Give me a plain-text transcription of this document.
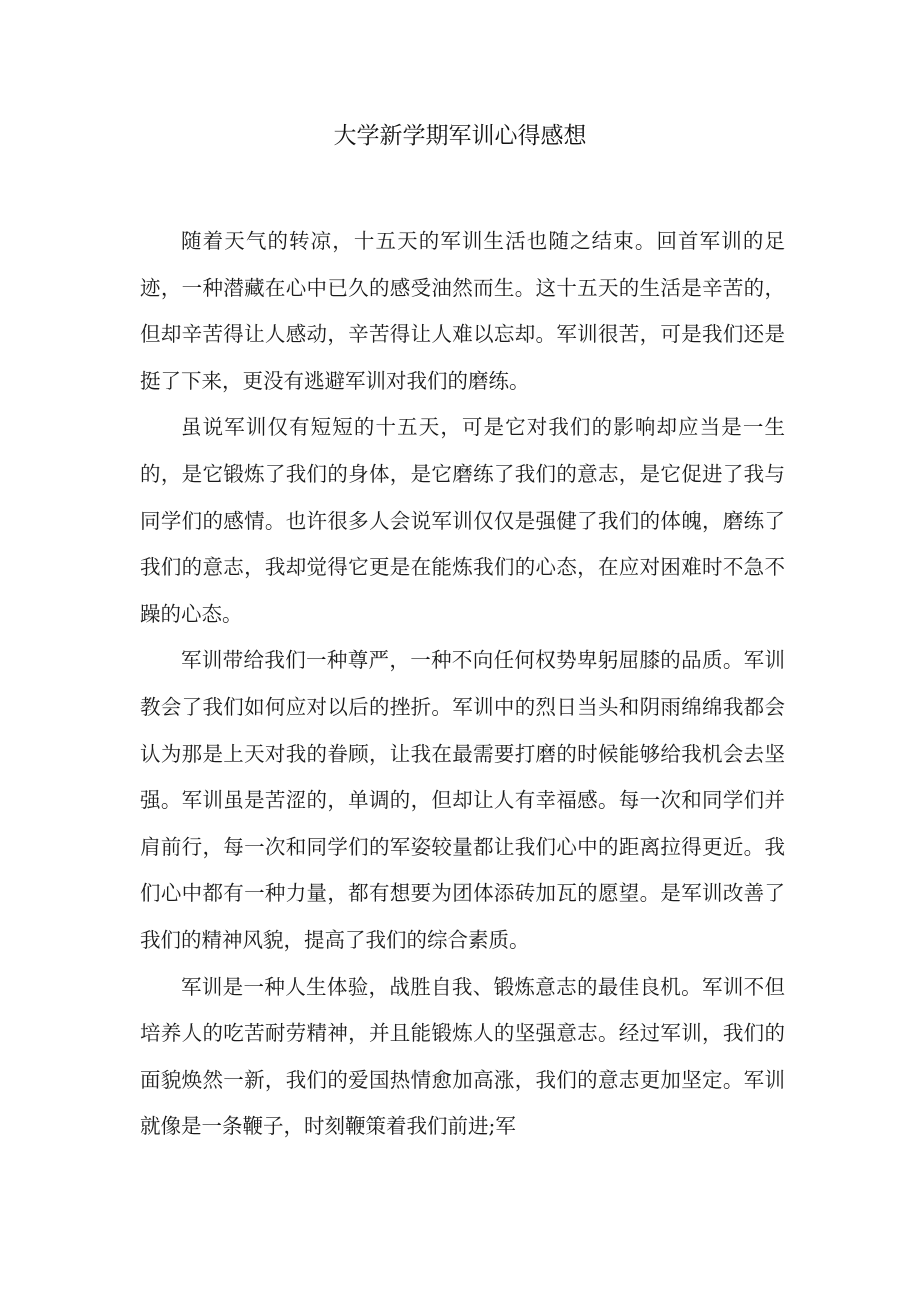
大学新学期军训心得感想

随着天气的转凉，十五天的军训生活也随之结束。回首军训的足迹，一种潜藏在心中已久的感受油然而生。这十五天的生活是辛苦的，但却辛苦得让人感动，辛苦得让人难以忘却。军训很苦，可是我们还是挺了下来，更没有逃避军训对我们的磨练。

虽说军训仅有短短的十五天，可是它对我们的影响却应当是一生的，是它锻炼了我们的身体，是它磨练了我们的意志，是它促进了我与同学们的感情。也许很多人会说军训仅仅是强健了我们的体魄，磨练了我们的意志，我却觉得它更是在能炼我们的心态，在应对困难时不急不躁的心态。

军训带给我们一种尊严，一种不向任何权势卑躬屈膝的品质。军训教会了我们如何应对以后的挫折。军训中的烈日当头和阴雨绵绵我都会认为那是上天对我的眷顾，让我在最需要打磨的时候能够给我机会去坚强。军训虽是苦涩的，单调的，但却让人有幸福感。每一次和同学们并肩前行，每一次和同学们的军姿较量都让我们心中的距离拉得更近。我们心中都有一种力量，都有想要为团体添砖加瓦的愿望。是军训改善了我们的精神风貌，提高了我们的综合素质。

军训是一种人生体验，战胜自我、锻炼意志的最佳良机。军训不但培养人的吃苦耐劳精神，并且能锻炼人的坚强意志。经过军训，我们的面貌焕然一新，我们的爱国热情愈加高涨，我们的意志更加坚定。军训就像是一条鞭子，时刻鞭策着我们前进;军
